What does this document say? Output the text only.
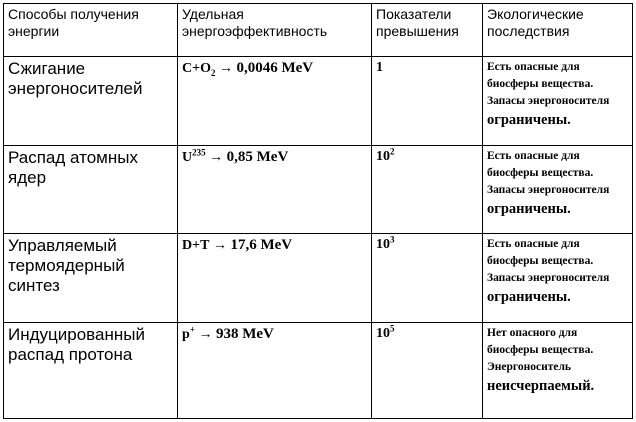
Способы получения энергии	Удельная энергоэффективность	Показатели превышения	Экологические последствия

Сжигание энергоносителей	$C+O_2 \to 0,0046$ MeV	1	Есть опасные для биосферы вещества. Запасы энергоносителя
ограничены.

Распад атомных ядер	$U^{235} \to 0,85$ MeV	$10^2$	Есть опасные для биосферы вещества. Запасы энергоносителя
ограничены.

Управляемый термоядерный синтез	D+T → 17,6 MeV	$10^3$	Есть опасные для биосферы вещества. Запасы энергоносителя
ограничены.

Индуцированный распад протона	p+ → 938 MeV	$10^5$	Нет опасного для биосферы вещества. Энергоноситель
неисчерпаемый.
